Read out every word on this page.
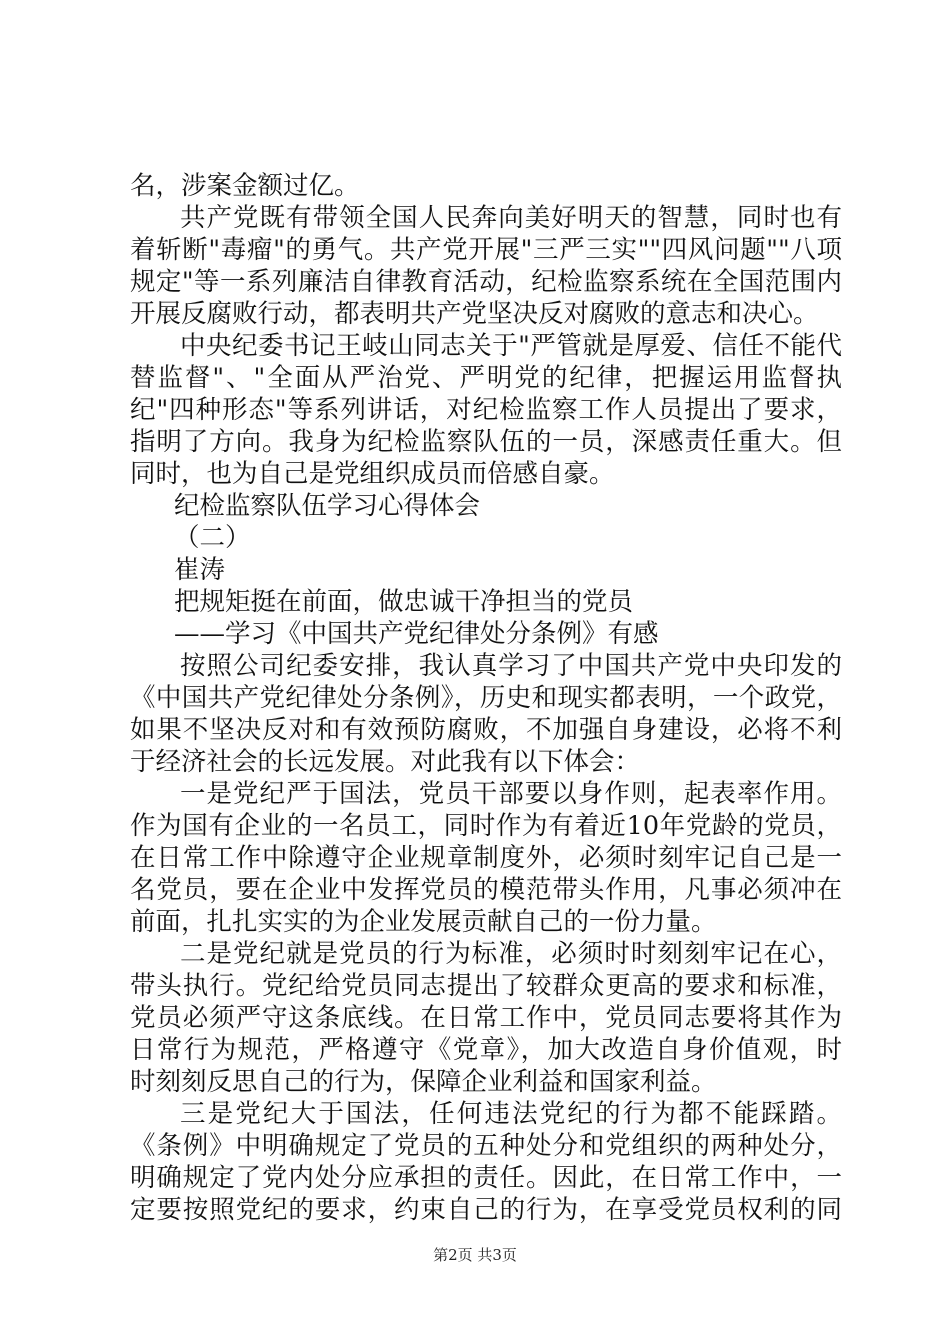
名，涉案金额过亿。
共产党既有带领全国人民奔向美好明天的智慧，同时也有
着斩断"毒瘤"的勇气。共产党开展"三严三实""四风问题""八项
规定"等一系列廉洁自律教育活动，纪检监察系统在全国范围内
开展反腐败行动，都表明共产党坚决反对腐败的意志和决心。
中央纪委书记王岐山同志关于"严管就是厚爱、信任不能代
替监督"、"全面从严治党、严明党的纪律，把握运用监督执
纪"四种形态"等系列讲话，对纪检监察工作人员提出了要求，
指明了方向。我身为纪检监察队伍的一员，深感责任重大。但
同时，也为自己是党组织成员而倍感自豪。
纪检监察队伍学习心得体会
（二）
崔涛
把规矩挺在前面，做忠诚干净担当的党员
——学习《中国共产党纪律处分条例》有感
按照公司纪委安排，我认真学习了中国共产党中央印发的
《中国共产党纪律处分条例》，历史和现实都表明，一个政党，
如果不坚决反对和有效预防腐败，不加强自身建设，必将不利
于经济社会的长远发展。对此我有以下体会：
一是党纪严于国法，党员干部要以身作则，起表率作用。
作为国有企业的一名员工，同时作为有着近10年党龄的党员，
在日常工作中除遵守企业规章制度外，必须时刻牢记自己是一
名党员，要在企业中发挥党员的模范带头作用，凡事必须冲在
前面，扎扎实实的为企业发展贡献自己的一份力量。
二是党纪就是党员的行为标准，必须时时刻刻牢记在心，
带头执行。党纪给党员同志提出了较群众更高的要求和标准，
党员必须严守这条底线。在日常工作中，党员同志要将其作为
日常行为规范，严格遵守《党章》，加大改造自身价值观，时
时刻刻反思自己的行为，保障企业利益和国家利益。
三是党纪大于国法，任何违法党纪的行为都不能踩踏。
《条例》中明确规定了党员的五种处分和党组织的两种处分，
明确规定了党内处分应承担的责任。因此，在日常工作中，一
定要按照党纪的要求，约束自己的行为，在享受党员权利的同
第2页 共3页
